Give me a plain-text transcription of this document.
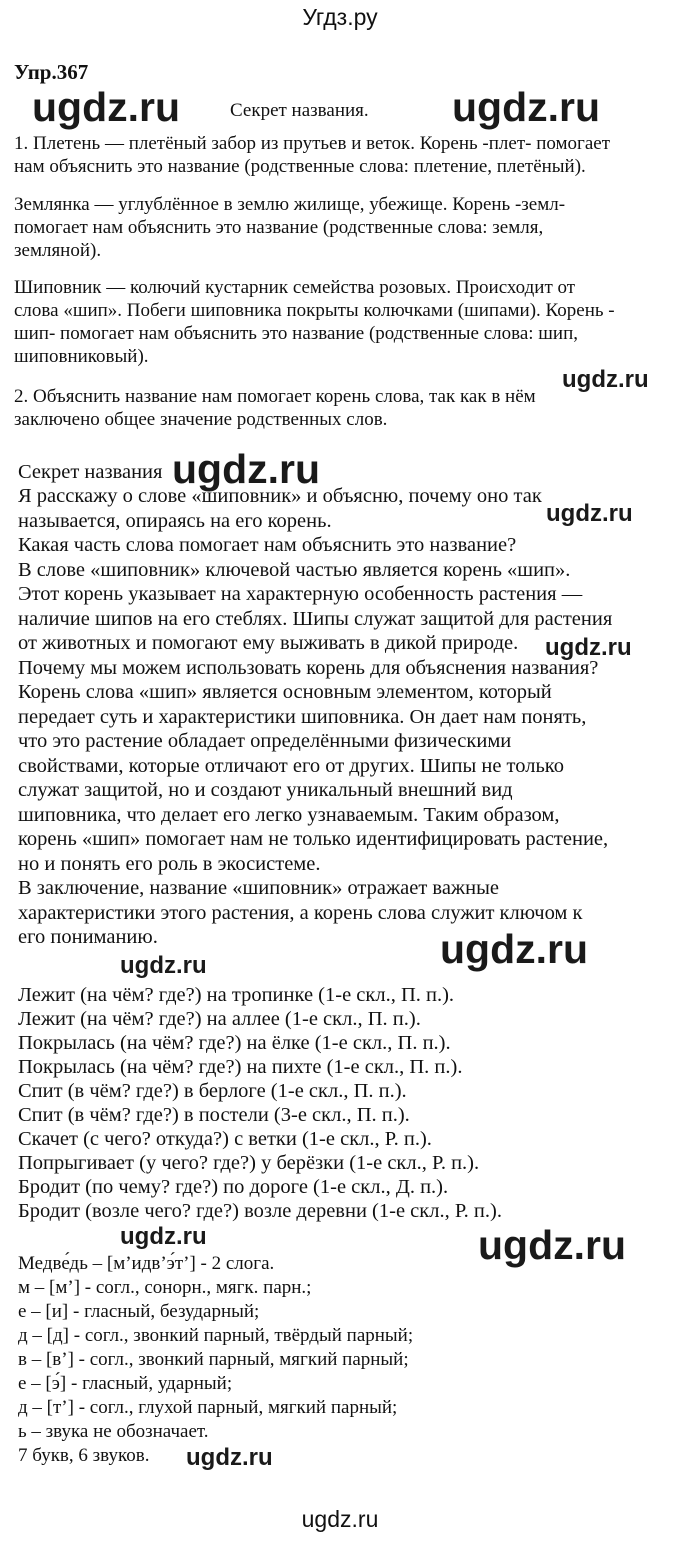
Угдз.ру
Упр.367
Секрет названия.
1. Плетень — плетёный забор из прутьев и веток. Корень -плет- помогает
нам объяснить это название (родственные слова: плетение, плетёный).
Землянка — углублённое в землю жилище, убежище. Корень -земл-
помогает нам объяснить это название (родственные слова: земля,
земляной).
Шиповник — колючий кустарник семейства розовых. Происходит от
слова «шип». Побеги шиповника покрыты колючками (шипами). Корень -
шип- помогает нам объяснить это название (родственные слова: шип,
шиповниковый).
2. Объяснить название нам помогает корень слова, так как в нём
заключено общее значение родственных слов.
Секрет названия
Я расскажу о слове «шиповник» и объясню, почему оно так
называется, опираясь на его корень.
Какая часть слова помогает нам объяснить это название?
В слове «шиповник» ключевой частью является корень «шип».
Этот корень указывает на характерную особенность растения —
наличие шипов на его стеблях. Шипы служат защитой для растения
от животных и помогают ему выживать в дикой природе.
Почему мы можем использовать корень для объяснения названия?
Корень слова «шип» является основным элементом, который
передает суть и характеристики шиповника. Он дает нам понять,
что это растение обладает определёнными физическими
свойствами, которые отличают его от других. Шипы не только
служат защитой, но и создают уникальный внешний вид
шиповника, что делает его легко узнаваемым. Таким образом,
корень «шип» помогает нам не только идентифицировать растение,
но и понять его роль в экосистеме.
В заключение, название «шиповник» отражает важные
характеристики этого растения, а корень слова служит ключом к
его пониманию.
Лежит (на чём? где?) на тропинке (1-е скл., П. п.).
Лежит (на чём? где?) на аллее (1-е скл., П. п.).
Покрылась (на чём? где?) на ёлке (1-е скл., П. п.).
Покрылась (на чём? где?) на пихте (1-е скл., П. п.).
Спит (в чём? где?) в берлоге (1-е скл., П. п.).
Спит (в чём? где?) в постели (3-е скл., П. п.).
Скачет (с чего? откуда?) с ветки (1-е скл., Р. п.).
Попрыгивает (у чего? где?) у берёзки (1-е скл., Р. п.).
Бродит (по чему? где?) по дороге (1-е скл., Д. п.).
Бродит (возле чего? где?) возле деревни (1-е скл., Р. п.).
Медве́дь – [м’идв’э́т’] - 2 слога.
м – [м’] - согл., сонорн., мягк. парн.;
е – [и] - гласный, безударный;
д – [д] - согл., звонкий парный, твёрдый парный;
в – [в’] - согл., звонкий парный, мягкий парный;
е – [э́] - гласный, ударный;
д – [т’] - согл., глухой парный, мягкий парный;
ь – звука не обозначает.
7 букв, 6 звуков.
ugdz.ru	ugdz.ru
ugdz.ru
ugdz.ru
ugdz.ru
ugdz.ru
ugdz.ru
ugdz.ru
ugdz.ru	ugdz.ru
ugdz.ru
ugdz.ru
